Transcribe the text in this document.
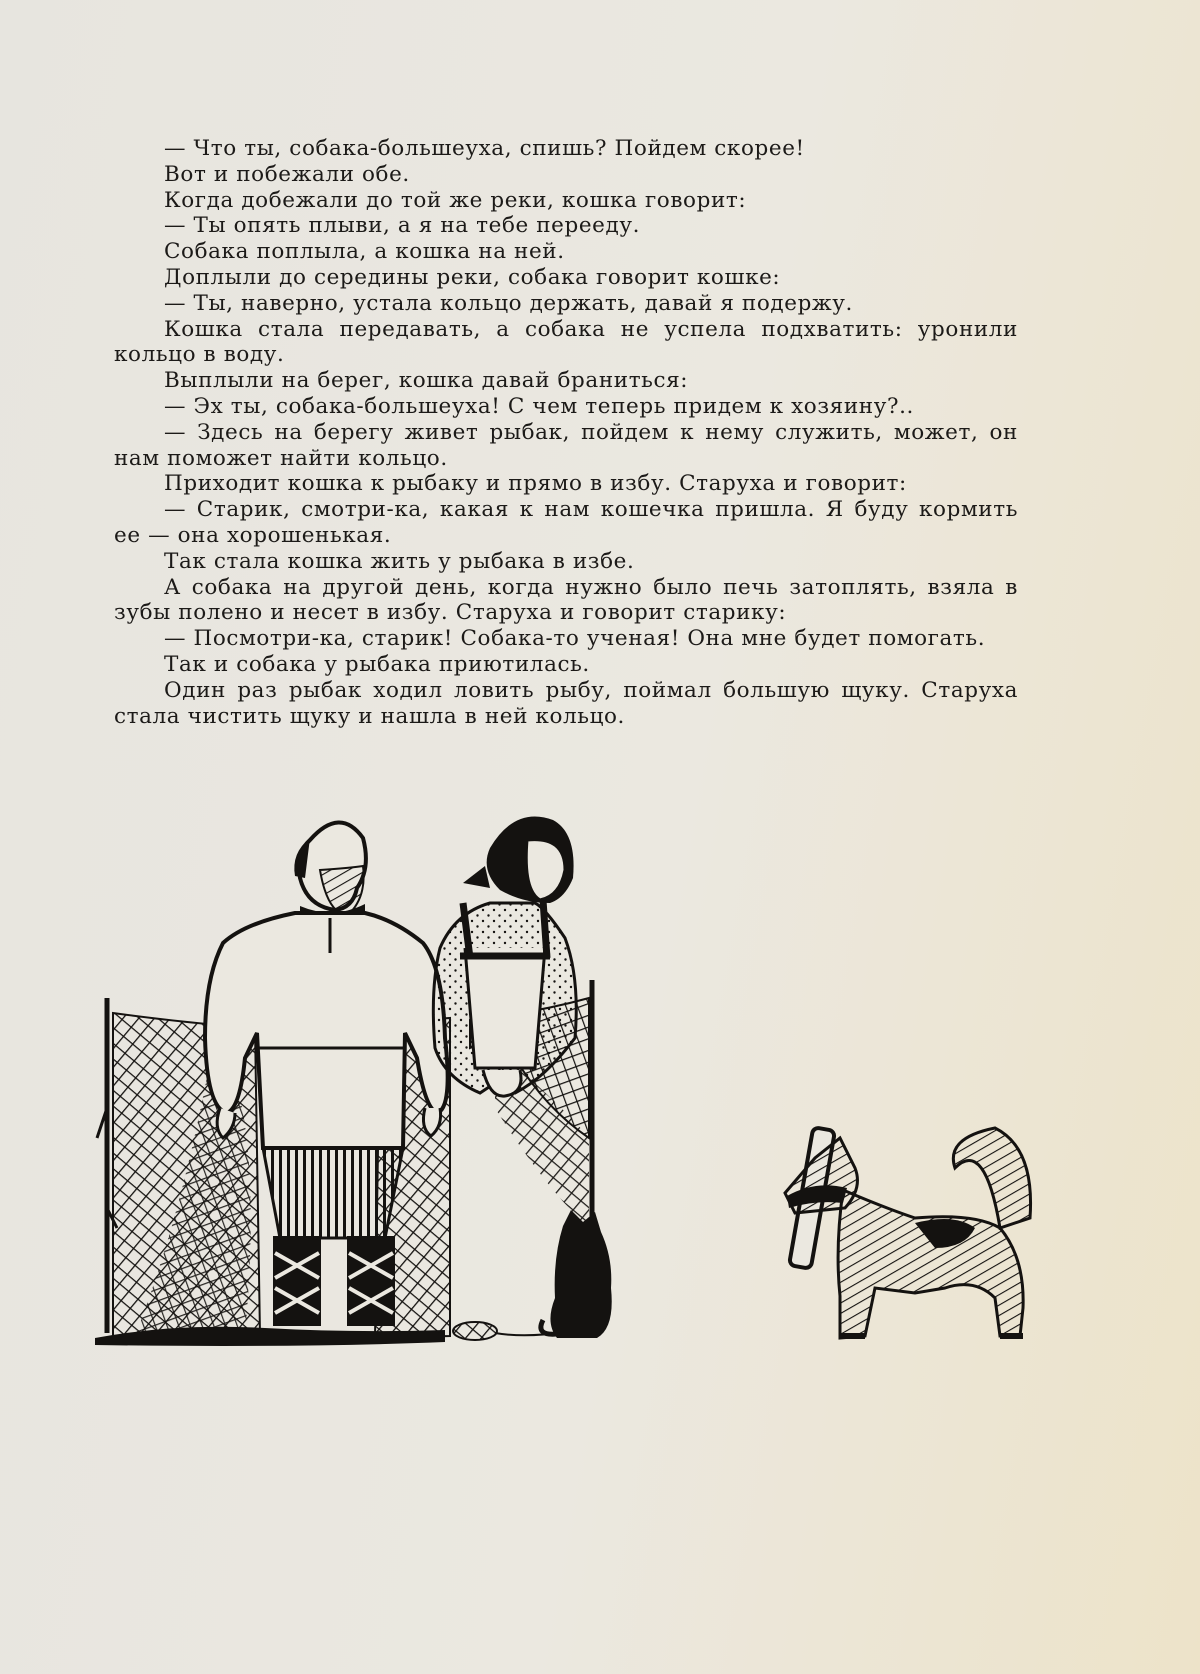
— Что ты, собака-большеуха, спишь? Пойдем скорее!

Вот и побежали обе.

Когда добежали до той же реки, кошка говорит:

— Ты опять плыви, а я на тебе перееду.

Собака поплыла, а кошка на ней.

Доплыли до середины реки, собака говорит кошке:

— Ты, наверно, устала кольцо держать, давай я подержу.

Кошка стала передавать, а собака не успела подхватить: уронили кольцо в воду.

Выплыли на берег, кошка давай браниться:

— Эх ты, собака-большеуха! С чем теперь придем к хозяину?..

— Здесь на берегу живет рыбак, пойдем к нему служить, может, он нам поможет найти кольцо.

Приходит кошка к рыбаку и прямо в избу. Старуха и говорит:

— Старик, смотри-ка, какая к нам кошечка пришла. Я буду кормить ее — она хорошенькая.

Так стала кошка жить у рыбака в избе.

А собака на другой день, когда нужно было печь затоплять, взяла в зубы полено и несет в избу. Старуха и говорит старику:

— Посмотри-ка, старик! Собака-то ученая! Она мне будет помогать.

Так и собака у рыбака приютилась.

Один раз рыбак ходил ловить рыбу, поймал большую щуку. Старуха стала чистить щуку и нашла в ней кольцо.
